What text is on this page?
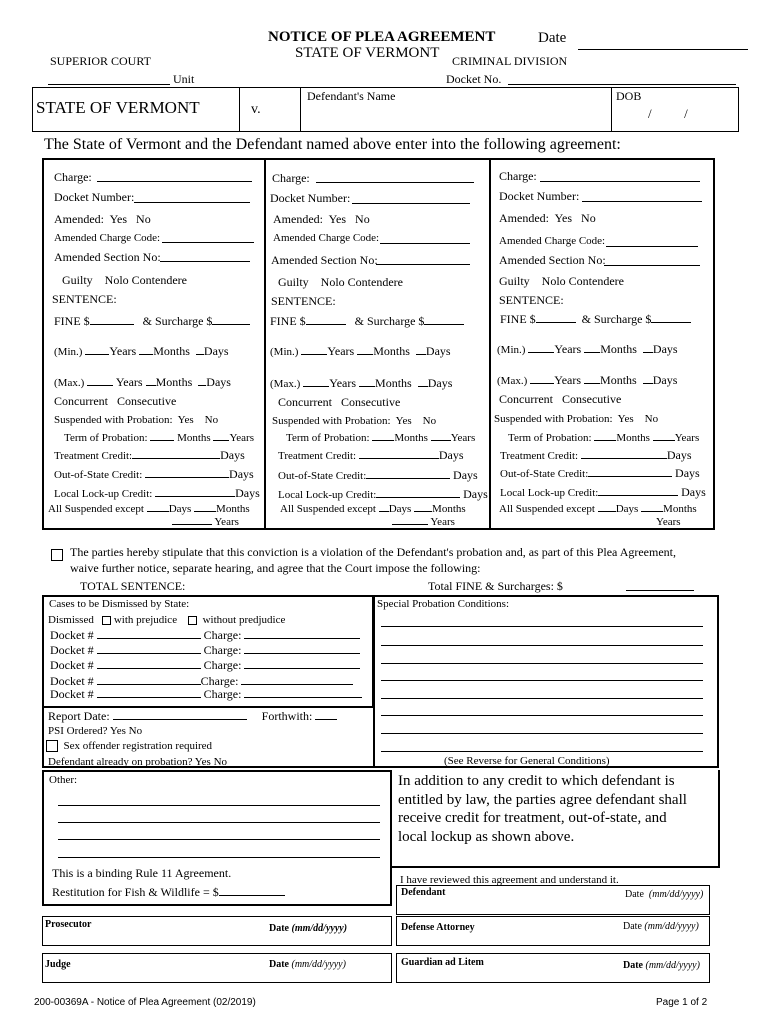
NOTICE OF PLEA AGREEMENT	Date
STATE OF VERMONT
SUPERIOR COURT	CRIMINAL DIVISION
Unit	Docket No.
STATE OF VERMONT	v.
Defendant's Name	DOB
/          /
The State of Vermont and the Defendant named above enter into the following agreement:
Charge:
Docket Number:
Amended: Yes No
Amended Charge Code:
Amended Section No:
Guilty Nolo Contendere
SENTENCE:
FINE $	& Surcharge $
(Min.) Years Months Days
(Max.)	Years Months Days
Concurrent Consecutive
Suspended with Probation: Yes No
Term of Probation:	Months Years
Treatment Credit:	Days
Out-of-State Credit:	Days
Local Lock-up Credit:	Days
All Suspended except Days Months
Years
Charge:
Docket Number:
Amended: Yes No
Amended Charge Code:
Amended Section No:
Guilty Nolo Contendere
SENTENCE:
FINE $	& Surcharge $
(Min.) Years Months Days
(Max.) Years Months Days
Concurrent Consecutive
Suspended with Probation: Yes No
Term of Probation: Months Years
Treatment Credit:	Days
Out-of-State Credit:	Days
Local Lock-up Credit:	Days
All Suspended except Days Months
Years
Charge:
Docket Number:
Amended: Yes No
Amended Charge Code:
Amended Section No:
Guilty Nolo Contendere
SENTENCE:
FINE $	& Surcharge $
(Min.) Years Months Days
(Max.) Years Months Days
Concurrent Consecutive
Suspended with Probation: Yes No
Term of Probation: Months Years
Treatment Credit:	Days
Out-of-State Credit:	Days
Local Lock-up Credit:	Days
All Suspended except Days Months
Years
The parties hereby stipulate that this conviction is a violation of the Defendant's probation and, as part of this Plea Agreement,
waive further notice, separate hearing, and agree that the Court impose the following:
TOTAL SENTENCE:	Total FINE & Surcharges: $
Cases to be Dismissed by State:
Dismissed with prejudice without predjudice
Docket #	Charge:
Docket #	Charge:
Docket #	Charge:
Docket #	Charge:
Docket #	Charge:
Special Probation Conditions:
(See Reverse for General Conditions)
Report Date:	Forthwith:
PSI Ordered? Yes No
Sex offender registration required
Defendant already on probation? Yes No
Other:
This is a binding Rule 11 Agreement.
Restitution for Fish & Wildlife = $
In addition to any credit to which defendant is
entitled by law, the parties agree defendant shall
receive credit for treatment, out-of-state, and
local lockup as shown above.
I have reviewed this agreement and understand it.
Defendant	Date (mm/dd/yyyy)
Prosecutor	Date (mm/dd/yyyy)	Defense Attorney	Date (mm/dd/yyyy)
Judge	Date (mm/dd/yyyy)	Guardian ad Litem	Date (mm/dd/yyyy)
200-00369A - Notice of Plea Agreement (02/2019)	Page 1 of 2
